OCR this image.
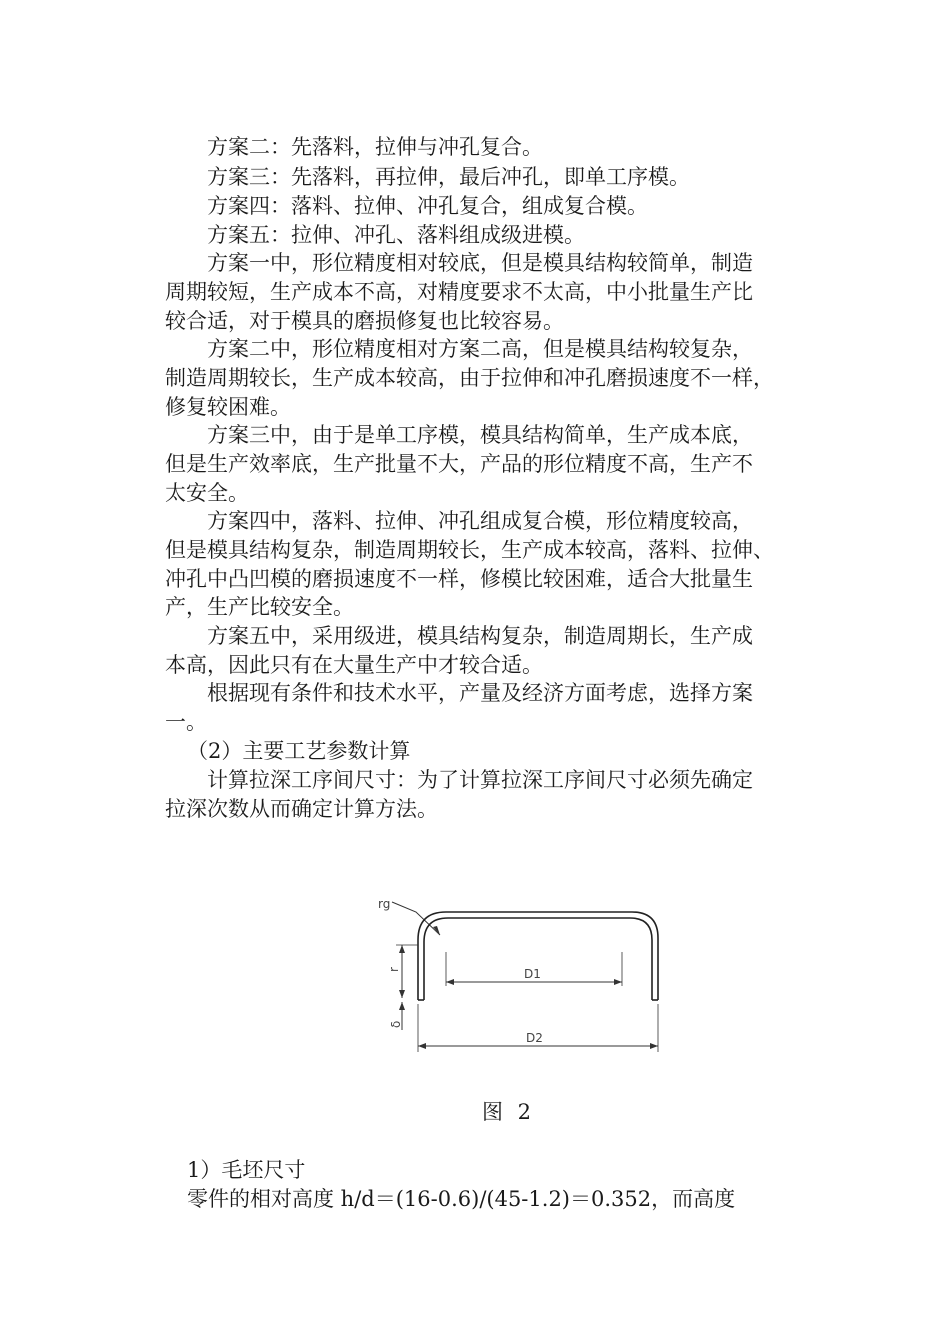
方案二：先落料，拉伸与冲孔复合。
方案三：先落料，再拉伸，最后冲孔，即单工序模。
方案四：落料、拉伸、冲孔复合，组成复合模。
方案五：拉伸、冲孔、落料组成级进模。
方案一中，形位精度相对较底，但是模具结构较简单，制造
周期较短，生产成本不高，对精度要求不太高，中小批量生产比
较合适，对于模具的磨损修复也比较容易。
方案二中，形位精度相对方案二高，但是模具结构较复杂，
制造周期较长，生产成本较高，由于拉伸和冲孔磨损速度不一样，
修复较困难。
方案三中，由于是单工序模，模具结构简单，生产成本底，
但是生产效率底，生产批量不大，产品的形位精度不高，生产不
太安全。
方案四中，落料、拉伸、冲孔组成复合模，形位精度较高，
但是模具结构复杂，制造周期较长，生产成本较高，落料、拉伸、
冲孔中凸凹模的磨损速度不一样，修模比较困难，适合大批量生
产，生产比较安全。
方案五中，采用级进，模具结构复杂，制造周期长，生产成
本高，因此只有在大量生产中才较合适。
根据现有条件和技术水平，产量及经济方面考虑，选择方案
一。
（2）主要工艺参数计算
计算拉深工序间尺寸：为了计算拉深工序间尺寸必须先确定
拉深次数从而确定计算方法。
rg
r
δ
D1
D2
图 2
1）毛坯尺寸
零件的相对高度 h/d＝(16-0.6)/(45-1.2)＝0.352，而高度
